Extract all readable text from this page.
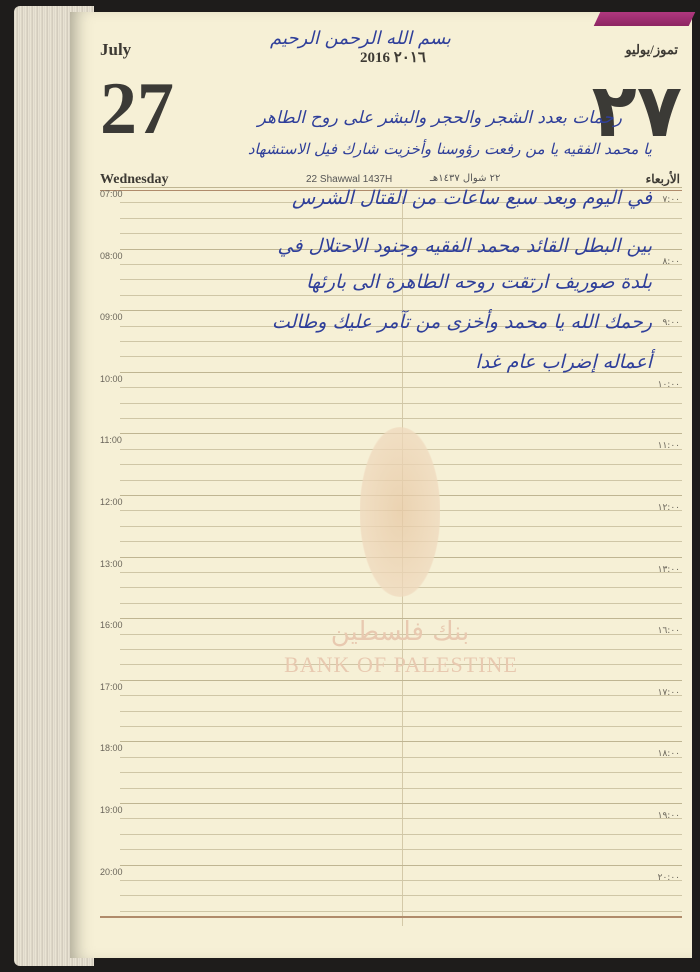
July	تموز/يوليو
2016 ٢٠١٦
27	٢٧
Wednesday	22 Shawwal 1437H	٢٢ شوال ١٤٣٧هـ	الأربعاء
07:00
٧:٠٠
08:00
٨:٠٠
09:00
٩:٠٠
10:00
١٠:٠٠
11:00
١١:٠٠
12:00
١٢:٠٠
13:00
١٣:٠٠
16:00
١٦:٠٠
17:00
١٧:٠٠
18:00
١٨:٠٠
19:00
١٩:٠٠
20:00
٢٠:٠٠
بنك فلسطين
BANK OF PALESTINE
بسم الله الرحمن الرحيم
رحمات بعدد الشجر والحجر والبشر على روح الطاهر
يا محمد الفقيه يا من رفعت رؤوسنا وأخزيت شارك فيل الاستشهاد
في اليوم وبعد سبع ساعات من القتال الشرس
بين البطل القائد محمد الفقيه وجنود الاحتلال في
بلدة صوريف ارتقت روحه الطاهرة الى بارئها
رحمك الله يا محمد وأخزى من تآمر عليك وطالت
أعماله إضراب عام غدا
